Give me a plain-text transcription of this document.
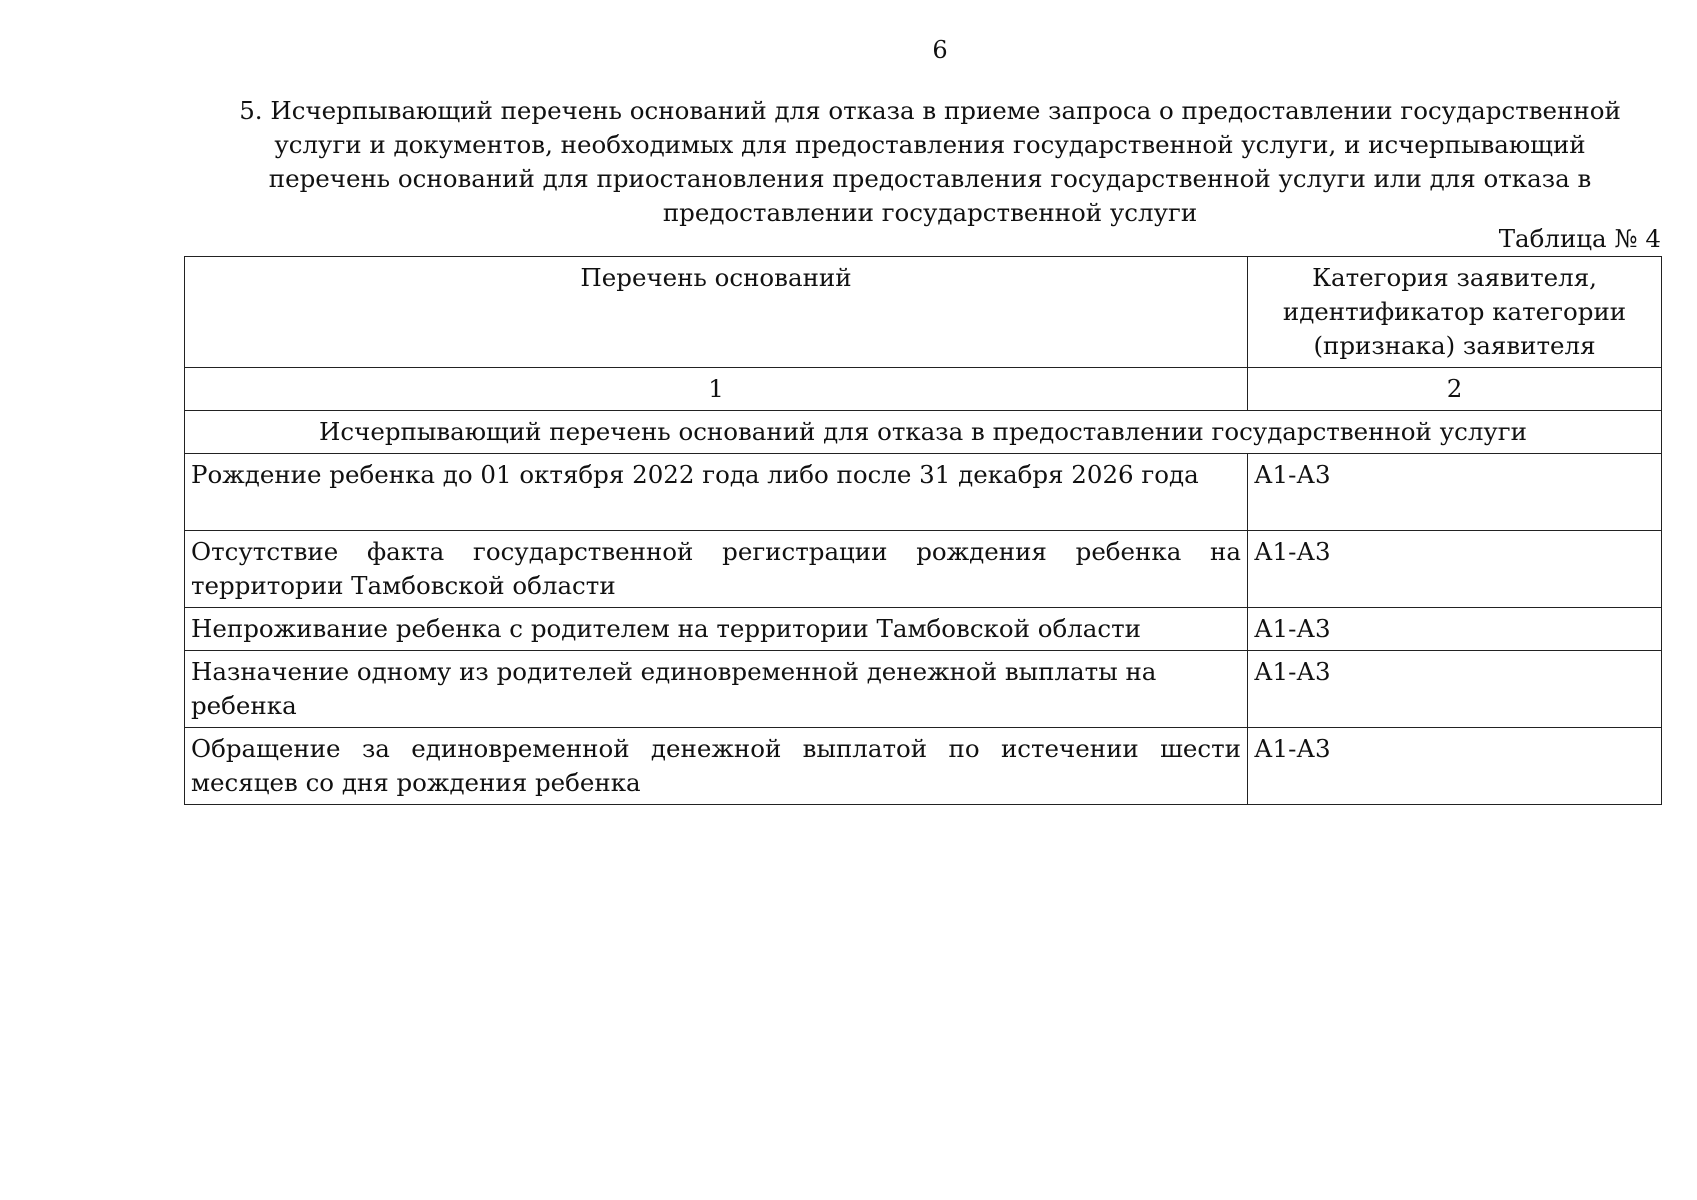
6

5. Исчерпывающий перечень оснований для отказа в приеме запроса о предоставлении государственной услуги и документов, необходимых для предоставления государственной услуги, и исчерпывающий перечень оснований для приостановления предоставления государственной услуги или для отказа в предоставлении государственной услуги

Таблица № 4
Перечень оснований	Категория заявителя, идентификатор категории (признака) заявителя
1	2
Исчерпывающий перечень оснований для отказа в предоставлении государственной услуги	
Рождение ребенка до 01 октября 2022 года либо после 31 декабря 2026 года	А1-А3
Отсутствие факта государственной регистрации рождения ребенка на территории Тамбовской области	А1-А3
Непроживание ребенка с родителем на территории Тамбовской области	А1-А3
Назначение одному из родителей единовременной денежной выплаты на ребенка	А1-А3
Обращение за единовременной денежной выплатой по истечении шести месяцев со дня рождения ребенка	А1-А3
